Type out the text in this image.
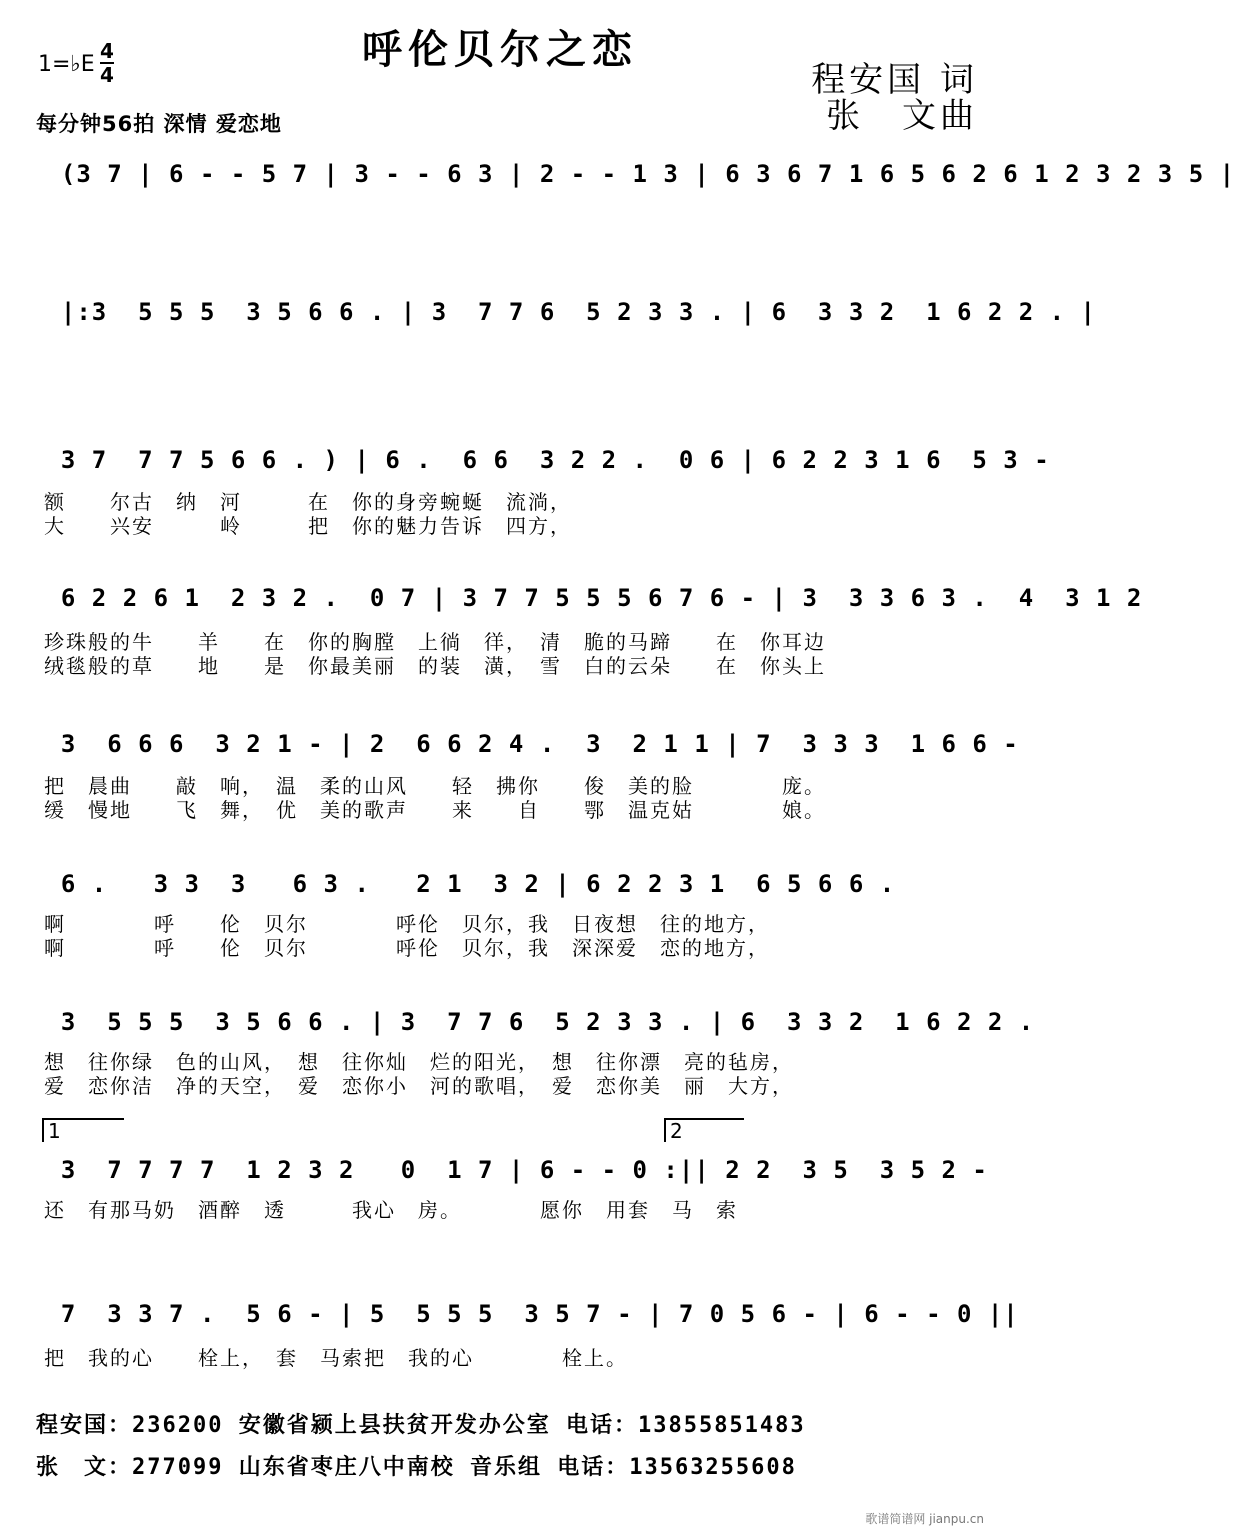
呼伦贝尔之恋
1=♭E
4
4
每分钟56拍 深情 爱恋地
程安国 词
张　文曲

(3 7 | 6 - - 5 7 | 3 - - 6 3 | 2 - - 1 3 | 6 3 6 7 1 6 5 6 2 6 1 2 3 2 3 5 |

|:3  5 5 5  3 5 6 6 . | 3  7 7 6  5 2 3 3 . | 6  3 3 2  1 6 2 2 . |

3 7  7 7 5 6 6 . ) | 6 .  6 6  3 2 2 .  0 6 | 6 2 2 3 1 6  5 3 -

额　　尔古　纳　河　　　在　你的身旁蜿蜒　流淌，
大　　兴安　　　岭　　　把　你的魅力告诉　四方，

6 2 2 6 1  2 3 2 .  0 7 | 3 7 7 5 5 5 6 7 6 - | 3  3 3 6 3 .  4  3 1 2

珍珠般的牛　　羊　　在　你的胸膛　上徜　徉，　清　脆的马蹄　　在　你耳边
绒毯般的草　　地　　是　你最美丽　的装　潢，　雪　白的云朵　　在　你头上

3  6 6 6  3 2 1 - | 2  6 6 2 4 .  3  2 1 1 | 7  3 3 3  1 6 6 -

把　晨曲　　敲　响，　温　柔的山风　　轻　拂你　　俊　美的脸　　　　庞。
缓　慢地　　飞　舞，　优　美的歌声　　来　　自　　鄂　温克姑　　　　娘。

6 .   3 3  3   6 3 .   2 1  3 2 | 6 2 2 3 1  6 5 6 6 .

啊　　　　呼　　伦　贝尔　　　　呼伦　贝尔，我　日夜想　往的地方，
啊　　　　呼　　伦　贝尔　　　　呼伦　贝尔，我　深深爱　恋的地方，

3  5 5 5  3 5 6 6 . | 3  7 7 6  5 2 3 3 . | 6  3 3 2  1 6 2 2 .

想　往你绿　色的山风，　想　往你灿　烂的阳光，　想　往你漂　亮的毡房，
爱　恋你洁　净的天空，　爱　恋你小　河的歌唱，　爱　恋你美　丽　大方，
1	2

3  7 7 7 7  1 2 3 2   0  1 7 | 6 - - 0 :|| 2 2  3 5  3 5 2 -

还　有那马奶　酒醉　透　　　我心　房。　　　　愿你　用套　马　索

7  3 3 7 .  5 6 - | 5  5 5 5  3 5 7 - | 7 0 5 6 - | 6 - - 0 ||

把　我的心　　栓上，　套　马索把　我的心　　　　栓上。
程安国：236200 安徽省颍上县扶贫开发办公室 电话：13855851483
张　文：277099 山东省枣庄八中南校 音乐组 电话：13563255608
歌谱简谱网 jianpu.cn
